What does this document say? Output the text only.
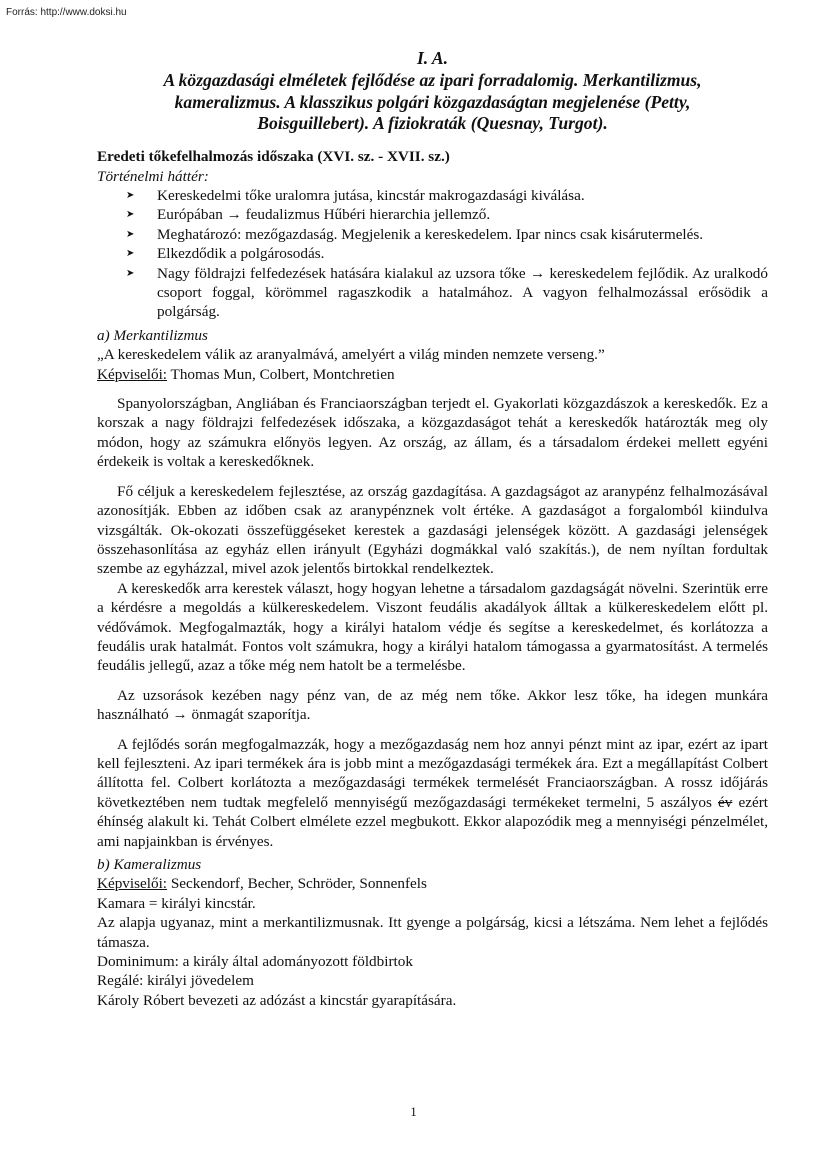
Forrás: http://www.doksi.hu
I. A.
A közgazdasági elméletek fejlődése az ipari forradalomig. Merkantilizmus,
kameralizmus. A klasszikus polgári közgazdaságtan megjelenése (Petty,
Boisguillebert). A fiziokraták (Quesnay, Turgot).

Eredeti tőkefelhalmozás időszaka (XVI. sz. - XVII. sz.)

Történelmi háttér:

➤ Kereskedelmi tőke uralomra jutása, kincstár makrogazdasági kiválása.
➤ Európában → feudalizmus Hűbéri hierarchia jellemző.
➤ Meghatározó: mezőgazdaság. Megjelenik a kereskedelem. Ipar nincs csak kisárutermelés.
➤ Elkezdődik a polgárosodás.
➤ Nagy földrajzi felfedezések hatására kialakul az uzsora tőke → kereskedelem fejlődik. Az uralkodó csoport foggal, körömmel ragaszkodik a hatalmához. A vagyon felhalmozással erősödik a polgárság.

a) Merkantilizmus

„A kereskedelem válik az aranyalmává, amelyért a világ minden nemzete verseng.”

Képviselői: Thomas Mun, Colbert, Montchretien

Spanyolországban, Angliában és Franciaországban terjedt el. Gyakorlati közgazdászok a kereskedők. Ez a korszak a nagy földrajzi felfedezések időszaka, a közgazdaságot tehát a kereskedők határozták meg oly módon, hogy az számukra előnyös legyen. Az ország, az állam, és a társadalom érdekei mellett egyéni érdekeik is voltak a kereskedőknek.

Fő céljuk a kereskedelem fejlesztése, az ország gazdagítása. A gazdagságot az aranypénz felhalmozásával azonosítják. Ebben az időben csak az aranypénznek volt értéke. A gazdaságot a forgalomból kiindulva vizsgálták. Ok-okozati összefüggéseket kerestek a gazdasági jelenségek között. A gazdasági jelenségek összehasonlítása az egyház ellen irányult (Egyházi dogmákkal való szakítás.), de nem nyíltan fordultak szembe az egyházzal, mivel azok jelentős birtokkal rendelkeztek.

A kereskedők arra kerestek választ, hogy hogyan lehetne a társadalom gazdagságát növelni. Szerintük erre a kérdésre a megoldás a külkereskedelem. Viszont feudális akadályok álltak a külkereskedelem előtt pl. védővámok. Megfogalmazták, hogy a királyi hatalom védje és segítse a kereskedelmet, és korlátozza a feudális urak hatalmát. Fontos volt számukra, hogy a királyi hatalom támogassa a gyarmatosítást. A termelés feudális jellegű, azaz a tőke még nem hatolt be a termelésbe.

Az uzsorások kezében nagy pénz van, de az még nem tőke. Akkor lesz tőke, ha idegen munkára használható → önmagát szaporítja.

A fejlődés során megfogalmazzák, hogy a mezőgazdaság nem hoz annyi pénzt mint az ipar, ezért az ipart kell fejleszteni. Az ipari termékek ára is jobb mint a mezőgazdasági termékek ára. Ezt a megállapítást Colbert állította fel. Colbert korlátozta a mezőgazdasági termékek termelését Franciaországban. A rossz időjárás következtében nem tudtak megfelelő mennyiségű mezőgazdasági termékeket termelni, 5 aszályos év ezért éhínség alakult ki. Tehát Colbert elmélete ezzel megbukott. Ekkor alapozódik meg a mennyiségi pénzelmélet, ami napjainkban is érvényes.

b) Kameralizmus

Képviselői: Seckendorf, Becher, Schröder, Sonnenfels

Kamara = királyi kincstár.

Az alapja ugyanaz, mint a merkantilizmusnak. Itt gyenge a polgárság, kicsi a létszáma. Nem lehet a fejlődés támasza.

Dominimum: a király által adományozott földbirtok

Regálé: királyi jövedelem

Károly Róbert bevezeti az adózást a kincstár gyarapítására.

1
